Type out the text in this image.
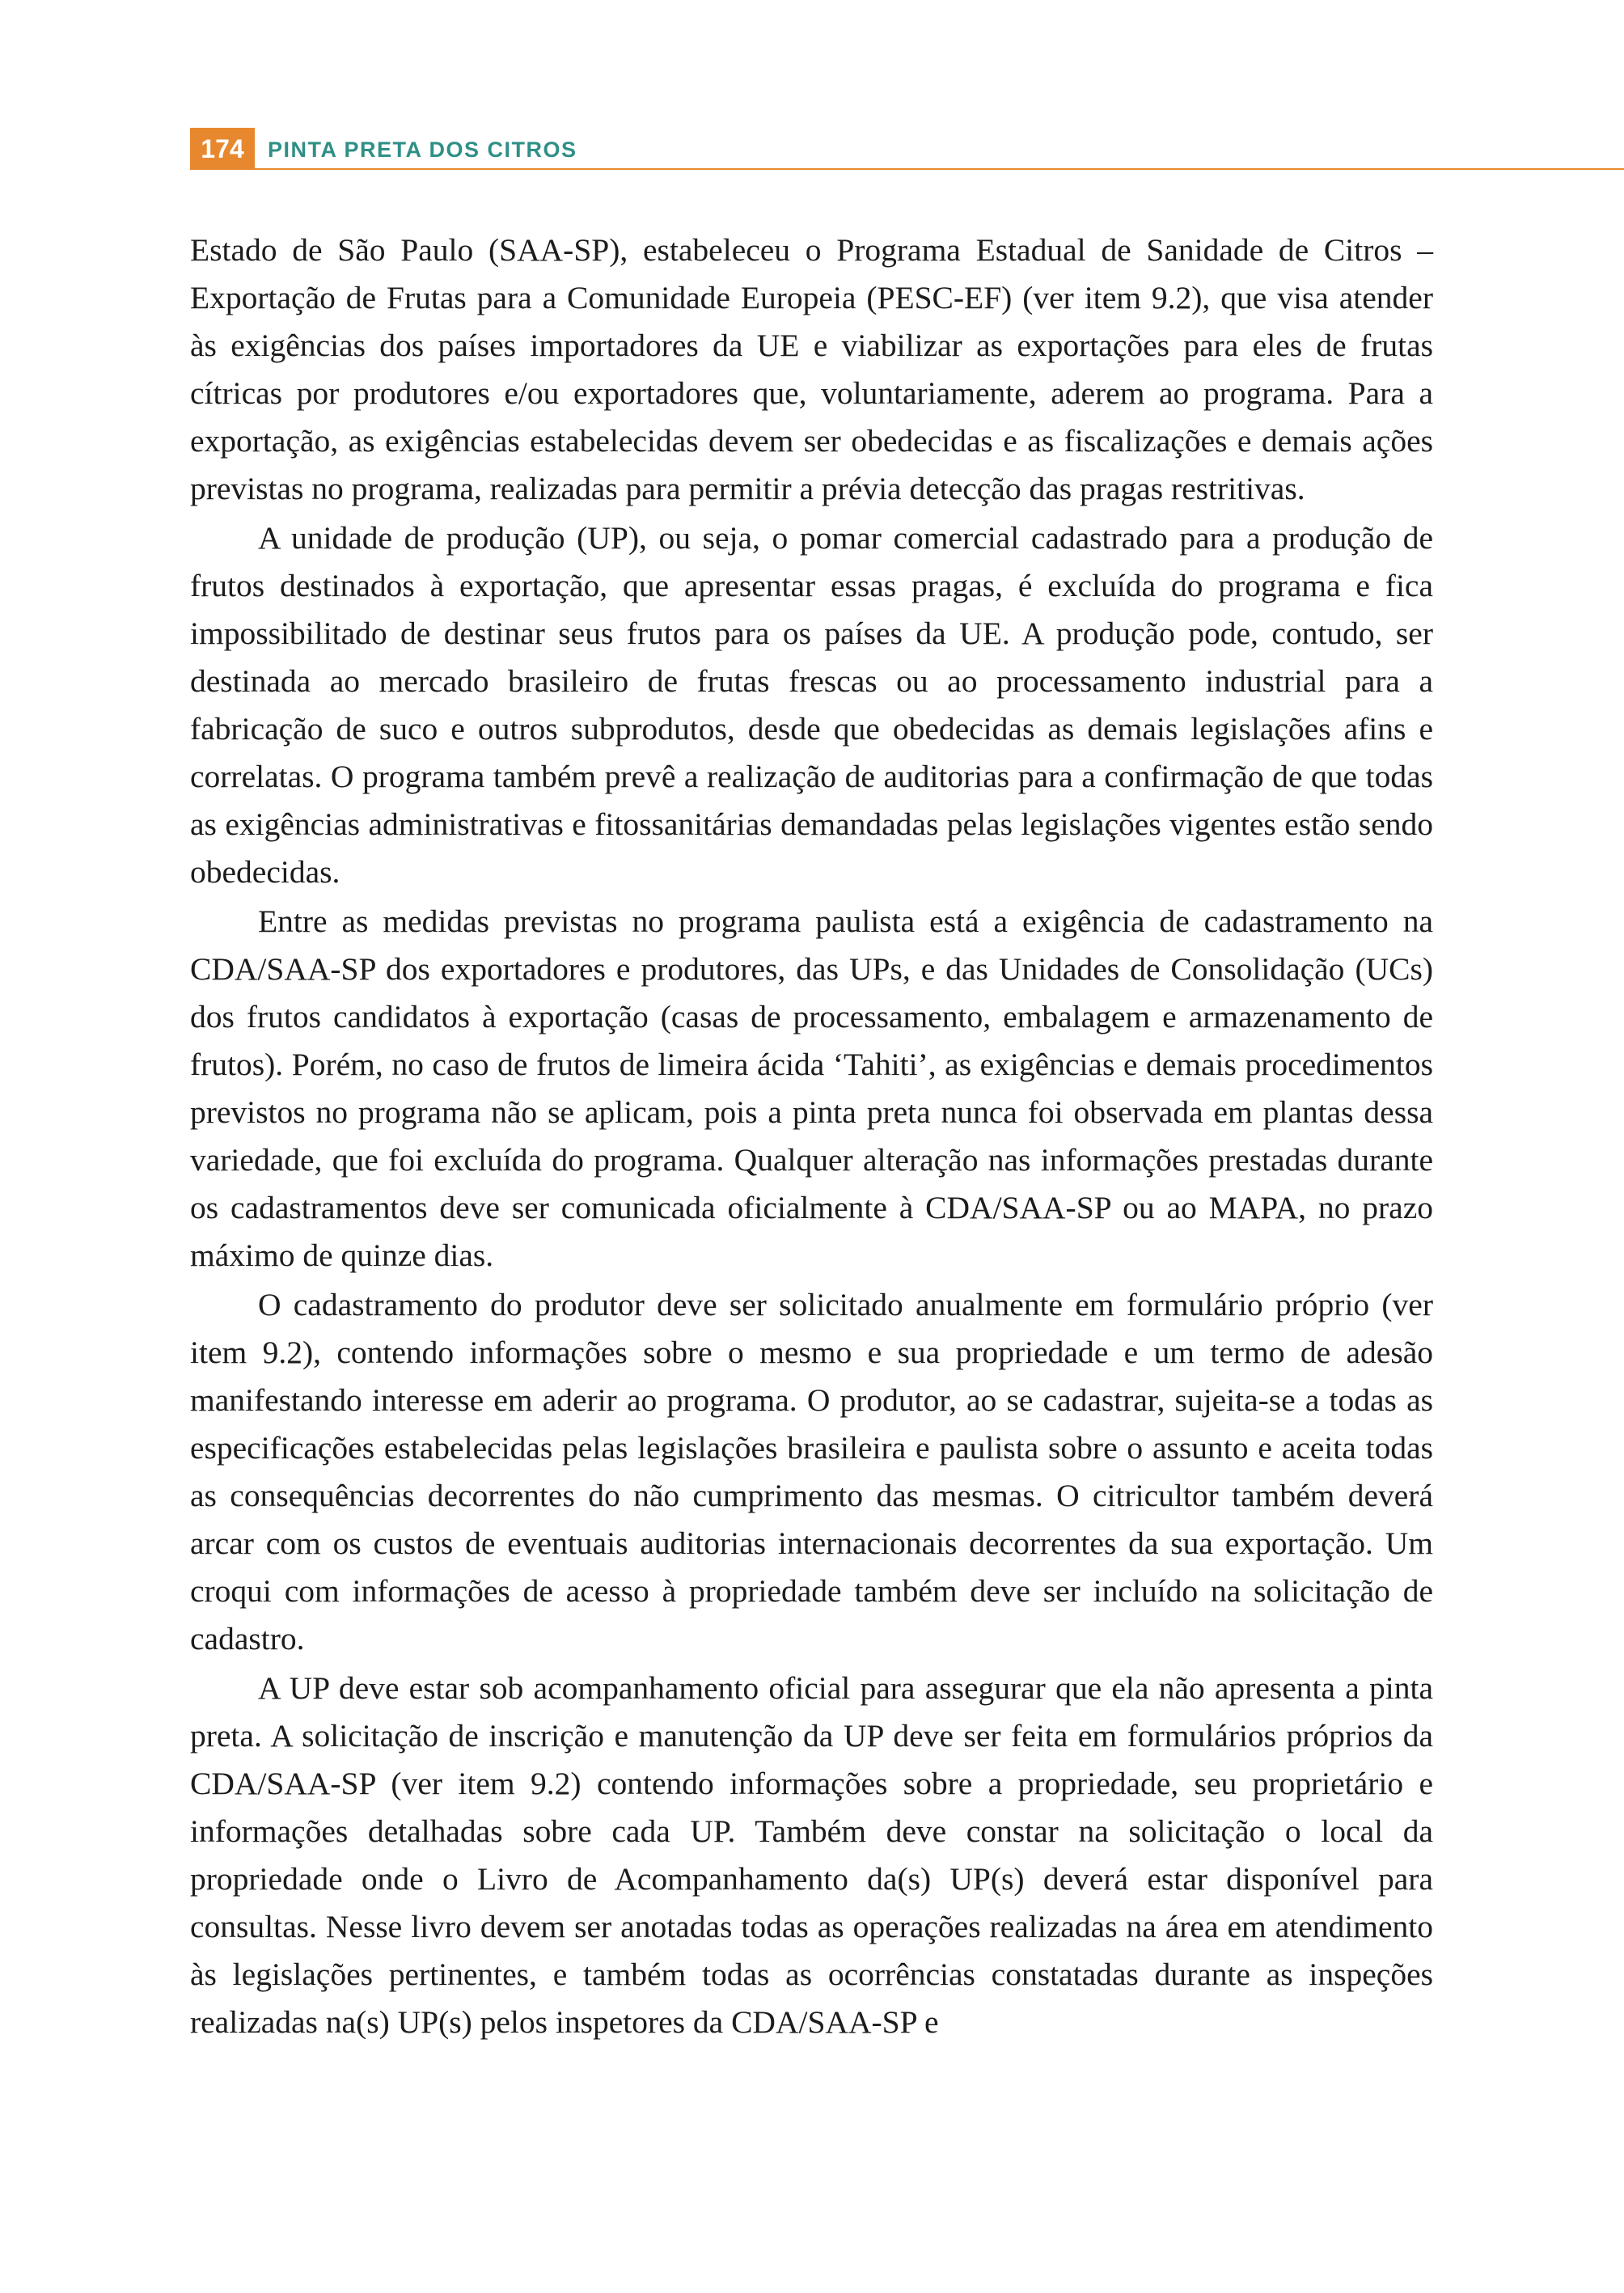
174	PINTA PRETA DOS CITROS

Estado de São Paulo (SAA-SP), estabeleceu o Programa Estadual de Sanidade de Citros – Exportação de Frutas para a Comunidade Europeia (PESC-EF) (ver item 9.2), que visa atender às exigências dos países importadores da UE e viabilizar as exportações para eles de frutas cítricas por produtores e/ou exportadores que, voluntariamente, aderem ao programa. Para a exportação, as exigências estabelecidas devem ser obedecidas e as fiscalizações e demais ações previstas no programa, realizadas para permitir a prévia detecção das pragas restritivas.

A unidade de produção (UP), ou seja, o pomar comercial cadastrado para a produção de frutos destinados à exportação, que apresentar essas pragas, é excluída do programa e fica impossibilitado de destinar seus frutos para os países da UE. A produção pode, contudo, ser destinada ao mercado brasileiro de frutas frescas ou ao processamento industrial para a fabricação de suco e outros subprodutos, desde que obedecidas as demais legislações afins e correlatas. O programa também prevê a realização de auditorias para a confirmação de que todas as exigências administrativas e fitossanitárias demandadas pelas legislações vigentes estão sendo obedecidas.

Entre as medidas previstas no programa paulista está a exigência de cadastramento na CDA/SAA-SP dos exportadores e produtores, das UPs, e das Unidades de Consolidação (UCs) dos frutos candidatos à exportação (casas de processamento, embalagem e armazenamento de frutos). Porém, no caso de frutos de limeira ácida ‘Tahiti’, as exigências e demais procedimentos previstos no programa não se aplicam, pois a pinta preta nunca foi observada em plantas dessa variedade, que foi excluída do programa. Qualquer alteração nas informações prestadas durante os cadastramentos deve ser comunicada oficialmente à CDA/SAA-SP ou ao MAPA, no prazo máximo de quinze dias.

O cadastramento do produtor deve ser solicitado anualmente em formulário próprio (ver item 9.2), contendo informações sobre o mesmo e sua propriedade e um termo de adesão manifestando interesse em aderir ao programa. O produtor, ao se cadastrar, sujeita-se a todas as especificações estabelecidas pelas legislações brasileira e paulista sobre o assunto e aceita todas as consequências decorrentes do não cumprimento das mesmas. O citricultor também deverá arcar com os custos de eventuais auditorias internacionais decorrentes da sua exportação. Um croqui com informações de acesso à propriedade também deve ser incluído na solicitação de cadastro.

A UP deve estar sob acompanhamento oficial para assegurar que ela não apresenta a pinta preta. A solicitação de inscrição e manutenção da UP deve ser feita em formulários próprios da CDA/SAA-SP (ver item 9.2) contendo informações sobre a propriedade, seu proprietário e informações detalhadas sobre cada UP. Também deve constar na solicitação o local da propriedade onde o Livro de Acompanhamento da(s) UP(s) deverá estar disponível para consultas. Nesse livro devem ser anotadas todas as operações realizadas na área em atendimento às legislações pertinentes, e também todas as ocorrências constatadas durante as inspeções realizadas na(s) UP(s) pelos inspetores da CDA/SAA-SP e
